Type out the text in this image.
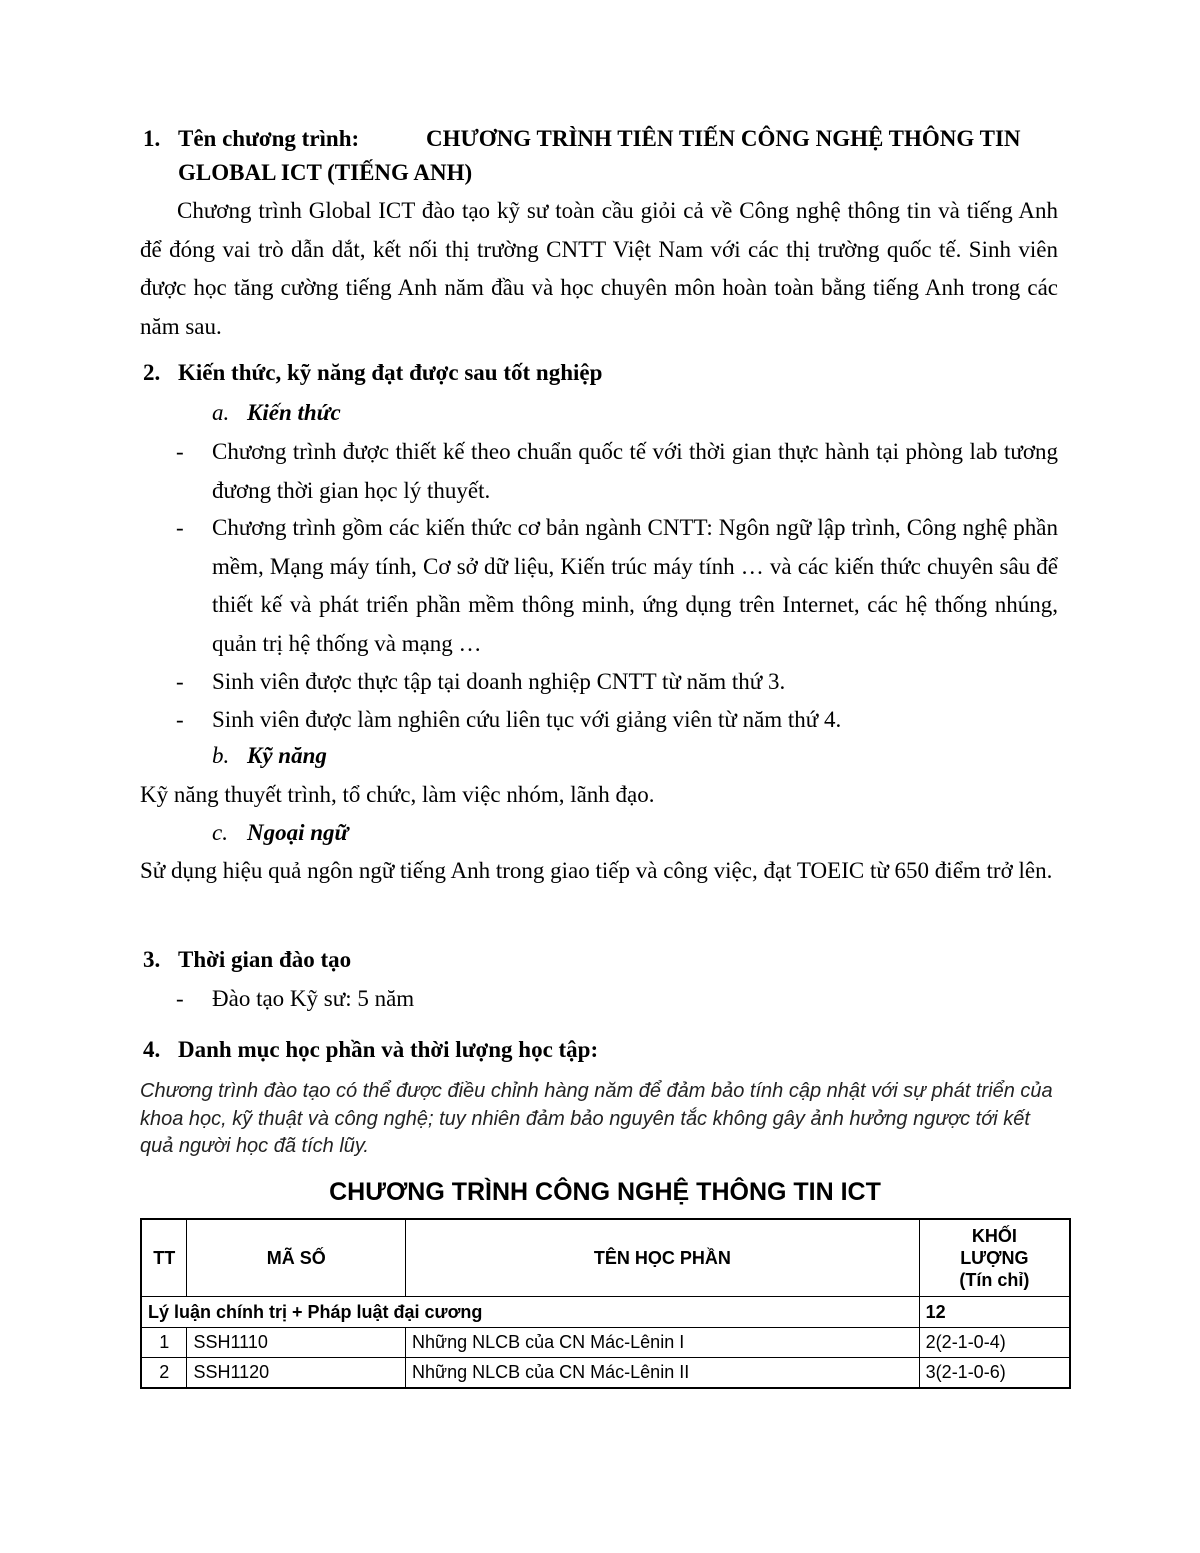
1. Tên chương trình:	CHƯƠNG TRÌNH TIÊN TIẾN CÔNG NGHỆ THÔNG TIN GLOBAL ICT (TIẾNG ANH)
Chương trình Global ICT đào tạo kỹ sư toàn cầu giỏi cả về Công nghệ thông tin và tiếng Anh để đóng vai trò dẫn dắt, kết nối thị trường CNTT Việt Nam với các thị trường quốc tế. Sinh viên được học tăng cường tiếng Anh năm đầu và học chuyên môn hoàn toàn bằng tiếng Anh trong các năm sau.
2. Kiến thức, kỹ năng đạt được sau tốt nghiệp
a. Kiến thức
- Chương trình được thiết kế theo chuẩn quốc tế với thời gian thực hành tại phòng lab tương đương thời gian học lý thuyết.
- Chương trình gồm các kiến thức cơ bản ngành CNTT: Ngôn ngữ lập trình, Công nghệ phần mềm, Mạng máy tính, Cơ sở dữ liệu, Kiến trúc máy tính … và các kiến thức chuyên sâu để thiết kế và phát triển phần mềm thông minh, ứng dụng trên Internet, các hệ thống nhúng, quản trị hệ thống và mạng …
- Sinh viên được thực tập tại doanh nghiệp CNTT từ năm thứ 3.
- Sinh viên được làm nghiên cứu liên tục với giảng viên từ năm thứ 4.
b. Kỹ năng
Kỹ năng thuyết trình, tổ chức, làm việc nhóm, lãnh đạo.
c. Ngoại ngữ
Sử dụng hiệu quả ngôn ngữ tiếng Anh trong giao tiếp và công việc, đạt TOEIC từ 650 điểm trở lên.
3. Thời gian đào tạo
- Đào tạo Kỹ sư: 5 năm
4. Danh mục học phần và thời lượng học tập:
Chương trình đào tạo có thể được điều chỉnh hàng năm để đảm bảo tính cập nhật với sự phát triển của khoa học, kỹ thuật và công nghệ; tuy nhiên đảm bảo nguyên tắc không gây ảnh hưởng ngược tới kết quả người học đã tích lũy.
CHƯƠNG TRÌNH CÔNG NGHỆ THÔNG TIN ICT
TT	MÃ SỐ	TÊN HỌC PHẦN	KHỐI
LƯỢNG
(Tín chỉ)

Lý luận chính trị + Pháp luật đại cương			12
1	SSH1110	Những NLCB của CN Mác-Lênin I	2(2-1-0-4)
2	SSH1120	Những NLCB của CN Mác-Lênin II	3(2-1-0-6)
